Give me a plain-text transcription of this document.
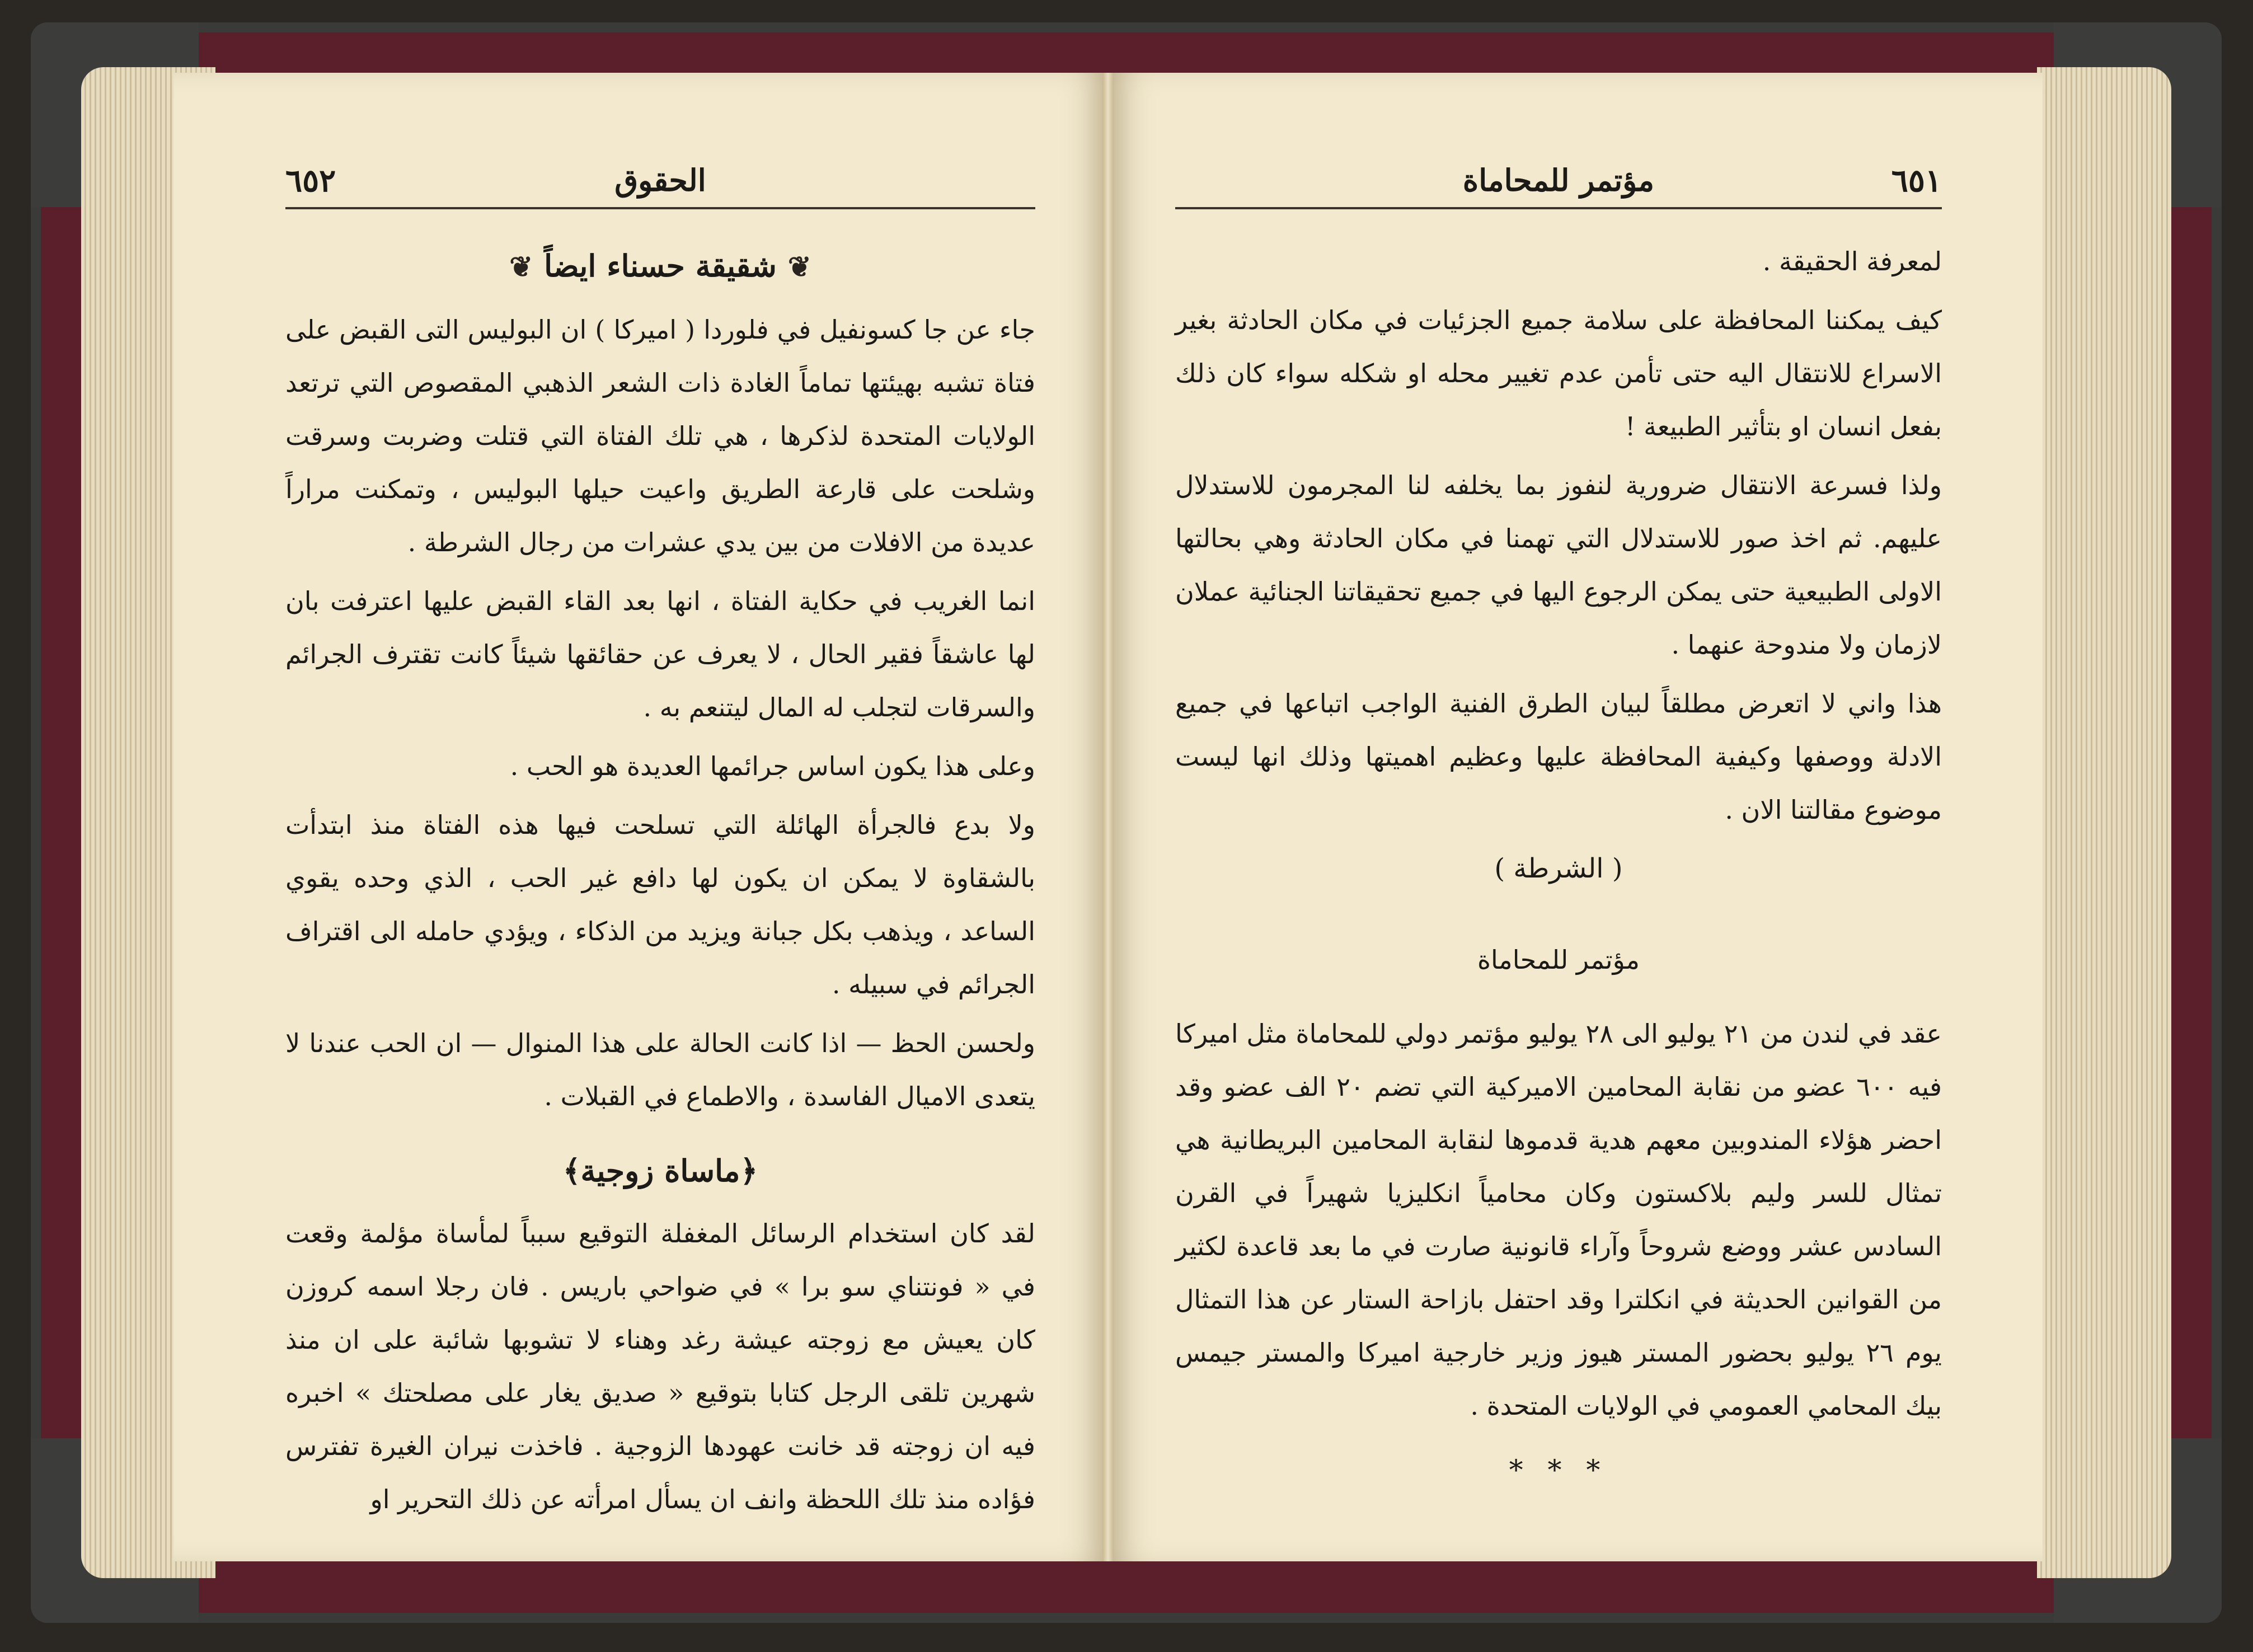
٦٥٢	الحقوق
❦شقيقة حسناء ايضاً❦

جاء عن جا كسونفيل في فلوردا ( اميركا ) ان البوليس التى القبض على فتاة تشبه بهيئتها تماماً الغادة ذات الشعر الذهبي المقصوص التي ترتعد الولايات المتحدة لذكرها ، هي تلك الفتاة التي قتلت وضربت وسرقت وشلحت على قارعة الطريق واعيت حيلها البوليس ، وتمكنت مراراً عديدة من الافلات من بين يدي عشرات من رجال الشرطة .

انما الغريب في حكاية الفتاة ، انها بعد القاء القبض عليها اعترفت بان لها عاشقاً فقير الحال ، لا يعرف عن حقائقها شيئاً كانت تقترف الجرائم والسرقات لتجلب له المال ليتنعم به .

وعلى هذا يكون اساس جرائمها العديدة هو الحب .

ولا بدع فالجرأة الهائلة التي تسلحت فيها هذه الفتاة منذ ابتدأت بالشقاوة لا يمكن ان يكون لها دافع غير الحب ، الذي وحده يقوي الساعد ، ويذهب بكل جبانة ويزيد من الذكاء ، ويؤدي حامله الى اقتراف الجرائم في سبيله .

ولحسن الحظ — اذا كانت الحالة على هذا المنوال — ان الحب عندنا لا يتعدى الاميال الفاسدة ، والاطماع في القبلات .

﴿ماساة زوجية﴾

لقد كان استخدام الرسائل المغفلة التوقيع سبباً لمأساة مؤلمة وقعت في « فونتناي سو برا » في ضواحي باريس . فان رجلا اسمه كروزن كان يعيش مع زوجته عيشة رغد وهناء لا تشوبها شائبة على ان منذ شهرين تلقى الرجل كتابا بتوقيع « صديق يغار على مصلحتك » اخبره فيه ان زوجته قد خانت عهودها الزوجية . فاخذت نيران الغيرة تفترس فؤاده منذ تلك اللحظة وانف ان يسأل امرأته عن ذلك التحرير او

٦٥١
مؤتمر للمحاماة

لمعرفة الحقيقة .

كيف يمكننا المحافظة على سلامة جميع الجزئيات في مكان الحادثة بغير الاسراع للانتقال اليه حتى تأمن عدم تغيير محله او شكله سواء كان ذلك بفعل انسان او بتأثير الطبيعة !

ولذا فسرعة الانتقال ضرورية لنفوز بما يخلفه لنا المجرمون للاستدلال عليهم. ثم اخذ صور للاستدلال التي تهمنا في مكان الحادثة وهي بحالتها الاولى الطبيعية حتى يمكن الرجوع اليها في جميع تحقيقاتنا الجنائية عملان لازمان ولا مندوحة عنهما .

هذا واني لا اتعرض مطلقاً لبيان الطرق الفنية الواجب اتباعها في جميع الادلة ووصفها وكيفية المحافظة عليها وعظيم اهميتها وذلك انها ليست موضوع مقالتنا الان .

( الشرطة )
مؤتمر للمحاماة

عقد في لندن من ٢١ يوليو الى ٢٨ يوليو مؤتمر دولي للمحاماة مثل اميركا فيه ٦٠٠ عضو من نقابة المحامين الاميركية التي تضم ٢٠ الف عضو وقد احضر هؤلاء المندوبين معهم هدية قدموها لنقابة المحامين البريطانية هي تمثال للسر وليم بلاكستون وكان محامياً انكليزيا شهيراً في القرن السادس عشر ووضع شروحاً وآراء قانونية صارت في ما بعد قاعدة لكثير من القوانين الحديثة في انكلترا وقد احتفل بازاحة الستار عن هذا التمثال يوم ٢٦ يوليو بحضور المستر هيوز وزير خارجية اميركا والمستر جيمس بيك المحامي العمومي في الولايات المتحدة .

* * *
